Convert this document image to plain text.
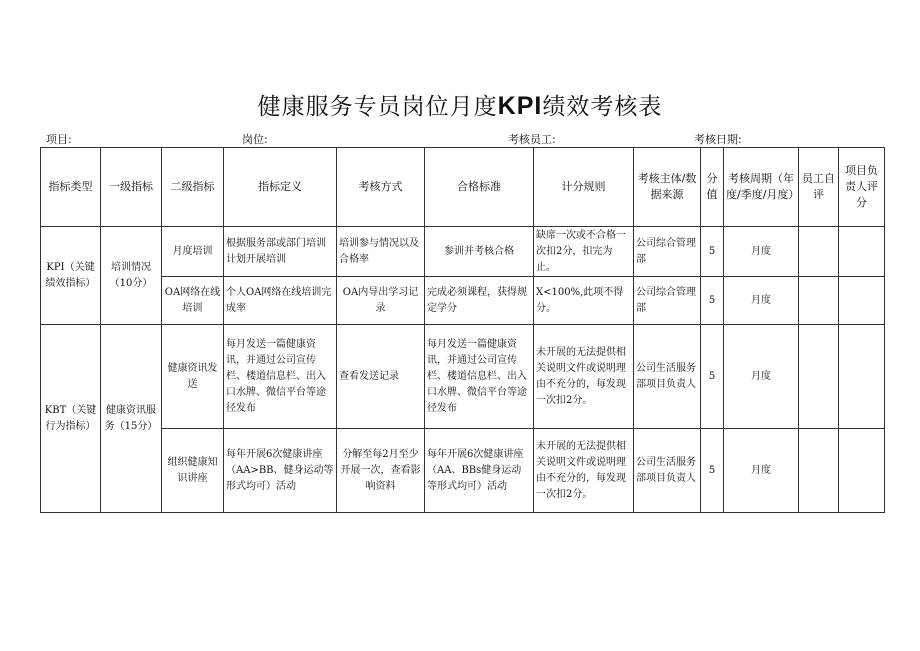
健康服务专员岗位月度KPI绩效考核表
项目:	岗位:	考核员工:	考核日期:
指标类型	一级指标	二级指标	指标定义	考核方式	合格标准	计分规则	考核主体/数据来源	分值	考核周期（年度/季度/月度）	员工自评	项目负责人评分
KPI（关键绩效指标）	培训情况（10分）	月度培训	根据服务部或部门培训计划开展培训	培训参与情况以及合格率	参训并考核合格	缺席一次或不合格一次扣2分，扣完为止。	公司综合管理部	5	月度		
		OA网络在线培训	个人OA网络在线培训完成率	OA内导出学习记录	完成必须课程，获得规定学分	X<100%,此项不得分。	公司综合管理部	5	月度		
KBT（关键行为指标）	健康资讯服务（15分）	健康资讯发送	每月发送一篇健康资讯，并通过公司宣传栏、楼道信息栏、出入口水牌、微信平台等途径发布	查看发送记录	每月发送一篇健康资讯，并通过公司宣传栏、楼道信息栏、出入口水牌、微信平台等途径发布	未开展的无法提供相关说明文件或说明理由不充分的，每发现一次扣2分。	公司生活服务部项目负责人	5	月度		
		组织健康知识讲座	每年开展6次健康讲座（AA>BB、健身运动等形式均可）活动	分解至每2月至少开展一次，查看影响资料	每年开展6次健康讲座（AA、BBs健身运动等形式均可）活动	未开展的无法提供相关说明文件或说明理由不充分的，每发现一次扣2分。	公司生活服务部项目负责人	5	月度		
